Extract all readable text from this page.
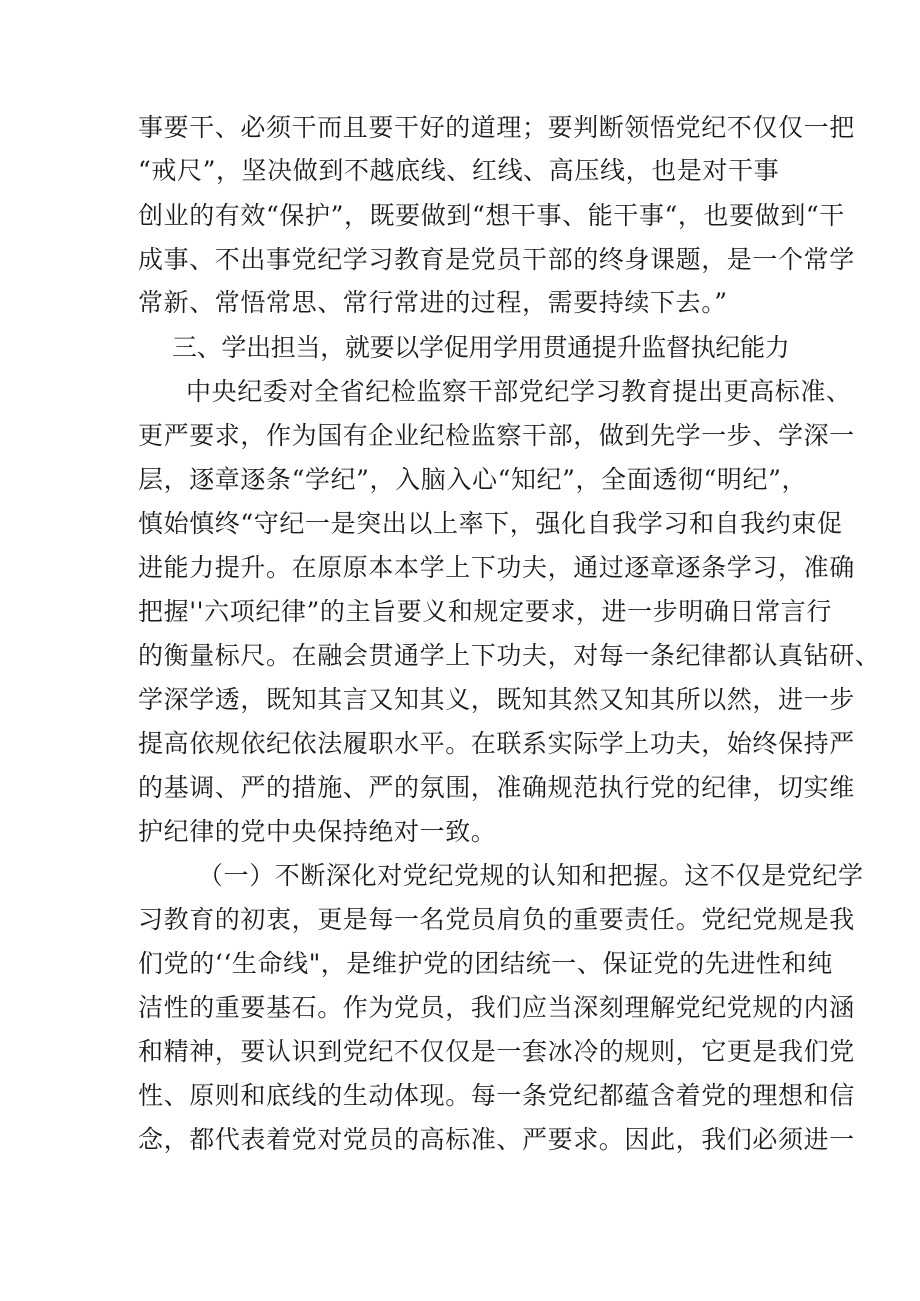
事要干、必须干而且要干好的道理；要判断领悟党纪不仅仅一把
“戒尺”，坚决做到不越底线、红线、高压线，也是对干事
创业的有效“保护”，既要做到“想干事、能干事“，也要做到“干
成事、不出事党纪学习教育是党员干部的终身课题，是一个常学
常新、常悟常思、常行常进的过程，需要持续下去。”
三、学出担当，就要以学促用学用贯通提升监督执纪能力
中央纪委对全省纪检监察干部党纪学习教育提出更高标准、
更严要求，作为国有企业纪检监察干部，做到先学一步、学深一
层，逐章逐条“学纪”，入脑入心“知纪”，全面透彻“明纪”，
慎始慎终“守纪一是突出以上率下，强化自我学习和自我约束促
进能力提升。在原原本本学上下功夫，通过逐章逐条学习，准确
把握''六项纪律”的主旨要义和规定要求，进一步明确日常言行
的衡量标尺。在融会贯通学上下功夫，对每一条纪律都认真钻研、
学深学透，既知其言又知其义，既知其然又知其所以然，进一步
提高依规依纪依法履职水平。在联系实际学上功夫，始终保持严
的基调、严的措施、严的氛围，准确规范执行党的纪律，切实维
护纪律的党中央保持绝对一致。
（一）不断深化对党纪党规的认知和把握。这不仅是党纪学
习教育的初衷，更是每一名党员肩负的重要责任。党纪党规是我
们党的‘‘生命线"，是维护党的团结统一、保证党的先进性和纯
洁性的重要基石。作为党员，我们应当深刻理解党纪党规的内涵
和精神，要认识到党纪不仅仅是一套冰冷的规则，它更是我们党
性、原则和底线的生动体现。每一条党纪都蕴含着党的理想和信
念，都代表着党对党员的高标准、严要求。因此，我们必须进一
